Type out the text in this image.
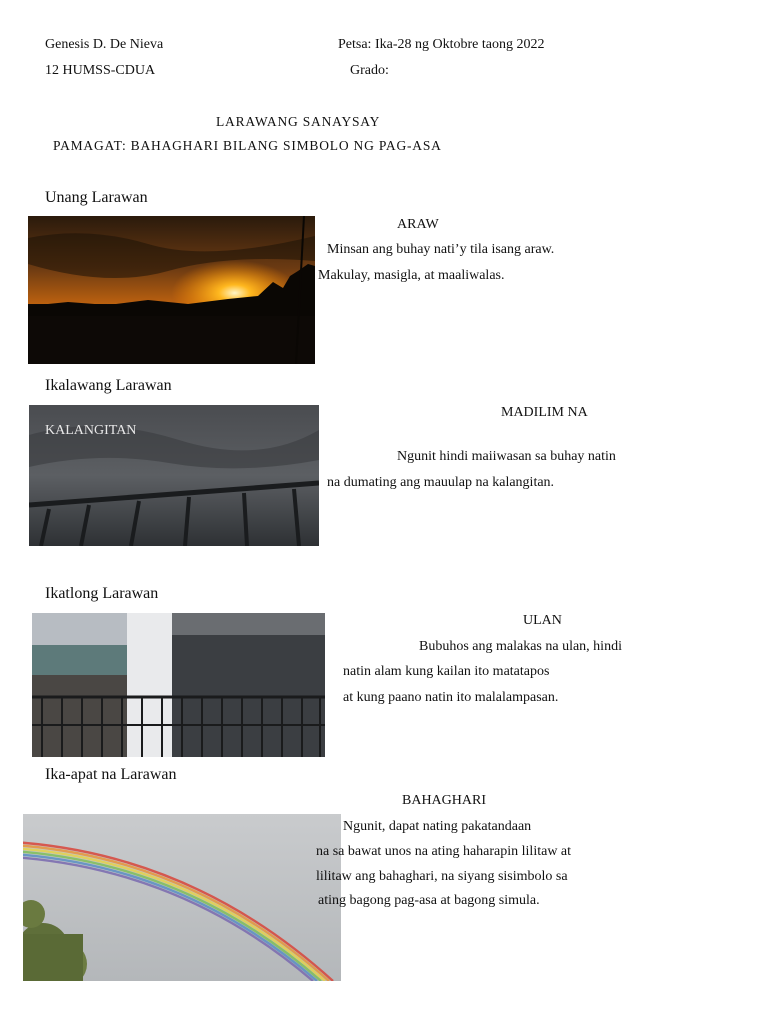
Genesis D. De Nieva
12 HUMSS-CDUA
Petsa: Ika-28 ng Oktobre taong 2022
Grado:
LARAWANG SANAYSAY
PAMAGAT: BAHAGHARI BILANG SIMBOLO NG PAG-ASA
Unang Larawan
ARAW
Minsan ang buhay nati’y tila isang araw.
Makulay, masigla, at maaliwalas.
Ikalawang Larawan
MADILIM NA
KALANGITAN
Ngunit hindi maiiwasan sa buhay natin
na dumating ang mauulap na kalangitan.
Ikatlong Larawan
ULAN
Bubuhos ang malakas na ulan, hindi
natin alam kung kailan ito matatapos
at kung paano natin ito malalampasan.
Ika-apat na Larawan
BAHAGHARI
Ngunit, dapat nating pakatandaan
na sa bawat unos na ating haharapin lilitaw at
lilitaw ang bahaghari, na siyang sisimbolo sa
ating bagong pag-asa at bagong simula.
